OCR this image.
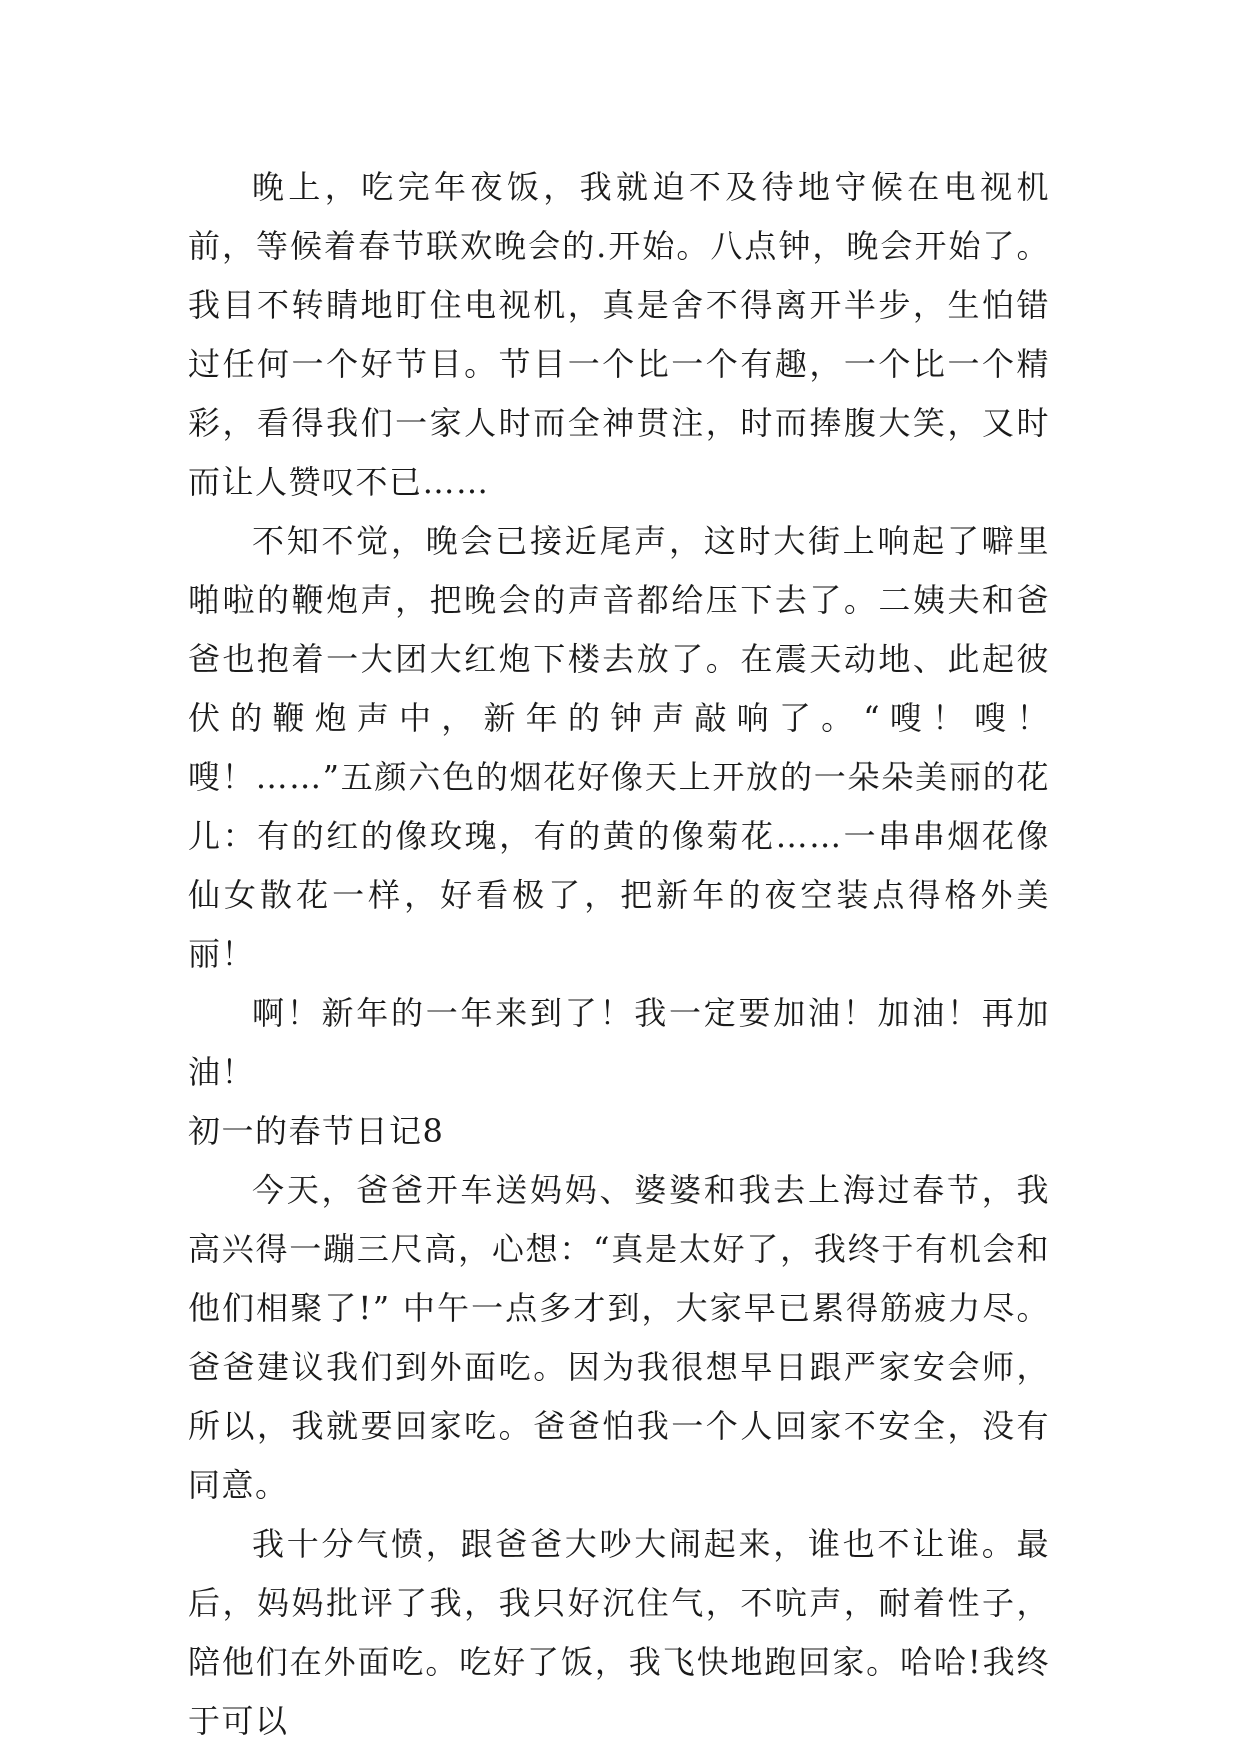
晚上，吃完年夜饭，我就迫不及待地守候在电视机前，等候着春节联欢晚会的.开始。八点钟，晚会开始了。我目不转睛地盯住电视机，真是舍不得离开半步，生怕错过任何一个好节目。节目一个比一个有趣，一个比一个精彩，看得我们一家人时而全神贯注，时而捧腹大笑，又时而让人赞叹不已……

不知不觉，晚会已接近尾声，这时大街上响起了噼里啪啦的鞭炮声，把晚会的声音都给压下去了。二姨夫和爸爸也抱着一大团大红炮下楼去放了。在震天动地、此起彼伏的鞭炮声中，新年的钟声敲响了。“嗖！嗖！嗖！……”五颜六色的烟花好像天上开放的一朵朵美丽的花儿：有的红的像玫瑰，有的黄的像菊花……一串串烟花像仙女散花一样，好看极了，把新年的夜空装点得格外美丽！

啊！新年的一年来到了！我一定要加油！加油！再加油！

初一的春节日记8

今天，爸爸开车送妈妈、婆婆和我去上海过春节，我高兴得一蹦三尺高，心想：“真是太好了，我终于有机会和他们相聚了!” 中午一点多才到，大家早已累得筋疲力尽。爸爸建议我们到外面吃。因为我很想早日跟严家安会师，所以，我就要回家吃。爸爸怕我一个人回家不安全，没有同意。

我十分气愤，跟爸爸大吵大闹起来，谁也不让谁。最后，妈妈批评了我，我只好沉住气，不吭声，耐着性子，陪他们在外面吃。吃好了饭，我飞快地跑回家。哈哈!我终于可以
